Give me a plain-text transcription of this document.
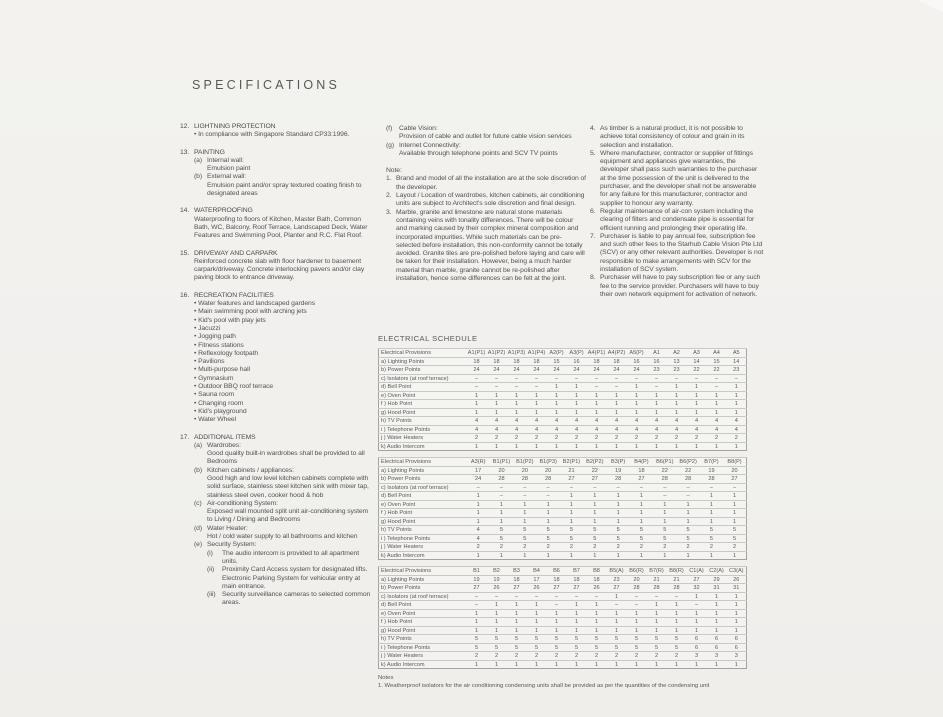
SPECIFICATIONS
12. LIGHTNING PROTECTION
• In compliance with Singapore Standard CP33:1996.
13. PAINTING
(a) Internal wall:
Emulsion paint
(b) External wall:
Emulsion paint and/or spray textured coating finish to designated areas
14. WATERPROOFING
Waterproofing to floors of Kitchen, Master Bath, Common Bath, WC, Balcony, Roof Terrace, Landscaped Deck, Water Features and Swimming Pool, Planter and R.C. Flat Roof.
15. DRIVEWAY AND CARPARK
Reinforced concrete slab with floor hardener to basement carpark/driveway. Concrete interlocking pavers and/or clay paving block to entrance driveway.
16. RECREATION FACILITIES
• Water features and landscaped gardens
• Main swimming pool with arching jets
• Kid's pool with play jets
• Jacuzzi
• Jogging path
• Fitness stations
• Reflexology footpath
• Pavilions
• Multi-purpose hall
• Gymnasium
• Outdoor BBQ roof terrace
• Sauna room
• Changing room
• Kid's playground
• Water Wheel
17. ADDITIONAL ITEMS
(a) Wardrobes:
Good quality built-in wardrobes shall be provided to all Bedrooms
(b) Kitchen cabinets / appliances:
Good high and low level kitchen cabinets complete with solid surface, stainless steel kitchen sink with mixer tap, stainless steel oven, cooker hood & hob
(c) Air-conditioning System:
Exposed wall mounted split unit air-conditioning system to Living / Dining and Bedrooms
(d) Water Heater:
Hot / cold water supply to all bathrooms and kitchen
(e) Security System:
(i)	The audio intercom is provided to all apartment units.
(ii)	Proximity Card Access system for designated lifts. Electronic Parking System for vehicular entry at main entrance.
(iii) Security surveillance cameras to selected common areas.
(f)	Cable Vision:
Provision of cable and outlet for future cable vision services
(g) Internet Connectivity:
Available through telephone points and SCV TV points
Note:
1. Brand and model of all the installation are at the sole discretion of the developer.
2. Layout / Location of wardrobes, kitchen cabinets, air conditioning units are subject to Architect's sole discretion and final design.
3. Marble, granite and limestone are natural stone materials containing veins with tonality differences. There will be colour and marking caused by their complex mineral composition and incorporated impurities. While such materials can be pre-selected before installation, this non-conformity cannot be totally avoided. Granite tiles are pre-polished before laying and care will be taken for their installation. However, being a much harder material than marble, granite cannot be re-polished after installation, hence some differences can be felt at the joint.
4. As timber is a natural product, it is not possible to achieve total consistency of colour and grain in its selection and installation.
5. Where manufacturer, contractor or supplier of fittings equipment and appliances give warranties, the developer shall pass such warranties to the purchaser at the time possession of the unit is delivered to the purchaser, and the developer shall not be answerable for any failure for this manufacturer, contractor and supplier to honour any warranty.
6. Regular maintenance of air-con system including the clearing of filters and condensate pipe is essential for efficient running and prolonging their operating life.
7. Purchaser is liable to pay annual fee, subscription fee and such other fees to the Starhub Cable Vision Pte Ltd (SCV) or any other relevant authorities. Developer is not responsible to make arrangements with SCV for the installation of SCV system.
8. Purchaser will have to pay subscription fee or any such fee to the service provider. Purchasers will have to buy their own network equipment for activation of network.
ELECTRICAL SCHEDULE
Electrical Provisions	A1(P1)	A1(P2)	A1(P3)	A1(P4)	A2(P)	A3(P)	A4(P1)	A4(P2)	A5(P)	A1	A2	A3	A4	A5
a) Lighting Points	18	18	18	18	15	16	18	18	16	16	13	14	15	14
b) Power Points	24	24	24	24	24	24	24	24	24	23	23	22	22	23
c) Isolators (at roof terrace)	–	–	–	–	–	–	–	–	–	–	–	–	–	–
d) Bell Point	–	–	–	–	1	1	–	–	1	–	1	1	–	1
e) Oven Point	1	1	1	1	1	1	1	1	1	1	1	1	1	1
f ) Hob Point	1	1	1	1	1	1	1	1	1	1	1	1	1	1
g) Hood Point	1	1	1	1	1	1	1	1	1	1	1	1	1	1
h) TV Points	4	4	4	4	4	4	4	4	4	4	4	4	4	4
i ) Telephone Points	4	4	4	4	4	4	4	4	4	4	4	4	4	4
j ) Water Heaters	2	2	2	2	2	2	2	2	2	2	2	2	2	2
k) Audio Intercom	1	1	1	1	1	1	1	1	1	1	1	1	1	1
Electrical Provisions	A3(R)	B1(P1)	B1(P2)	B1(P3)	B2(P1)	B2(P2)	B3(P)	B4(P)	B6(P1)	B6(P2)	B7(P)	B8(P)
a) Lighting Points	17	20	20	20	21	22	19	18	22	22	19	20
b) Power Points	24	28	28	28	27	27	28	27	28	28	28	27
c) Isolators (at roof terrace)	–	–	–	–	–	–	–	–	–	–	–	–
d) Bell Point	1	–	–	–	1	1	1	1	–	–	1	1
e) Oven Point	1	1	1	1	1	1	1	1	1	1	1	1
f ) Hob Point	1	1	1	1	1	1	1	1	1	1	1	1
g) Hood Point	1	1	1	1	1	1	1	1	1	1	1	1
h) TV Points	4	5	5	5	5	5	5	5	5	5	5	5
i ) Telephone Points	4	5	5	5	5	5	5	5	5	5	5	5
j ) Water Heaters	2	2	2	2	2	2	2	2	2	2	2	2
k) Audio Intercom	1	1	1	1	1	1	1	1	1	1	1	1
Electrical Provisions	B1	B2	B3	B4	B6	B7	B8	B5(A)	B6(R)	B7(R)	B8(R)	C1(A)	C2(A)	C3(A)
a) Lighting Points	19	19	18	17	18	18	18	23	20	21	21	27	29	26
b) Power Points	27	26	27	26	27	27	26	27	28	28	28	32	31	31
c) Isolators (at roof terrace)	–	–	–	–	–	–	–	1	–	–	–	1	1	1
d) Bell Point	–	1	1	1	–	1	1	–	–	1	1	–	1	1
e) Oven Point	1	1	1	1	1	1	1	1	1	1	1	1	1	1
f ) Hob Point	1	1	1	1	1	1	1	1	1	1	1	1	1	1
g) Hood Point	1	1	1	1	1	1	1	1	1	1	1	1	1	1
h) TV Points	5	5	5	5	5	5	5	5	5	5	5	6	6	6
i ) Telephone Points	5	5	5	5	5	5	5	5	5	5	5	6	6	6
j ) Water Heaters	2	2	2	2	2	2	2	2	2	2	2	3	3	3
k) Audio Intercom	1	1	1	1	1	1	1	1	1	1	1	1	1	1
Notes
1. Weatherproof isolators for the air conditioning condensing units shall be provided as per the quantities of the condensing unit
